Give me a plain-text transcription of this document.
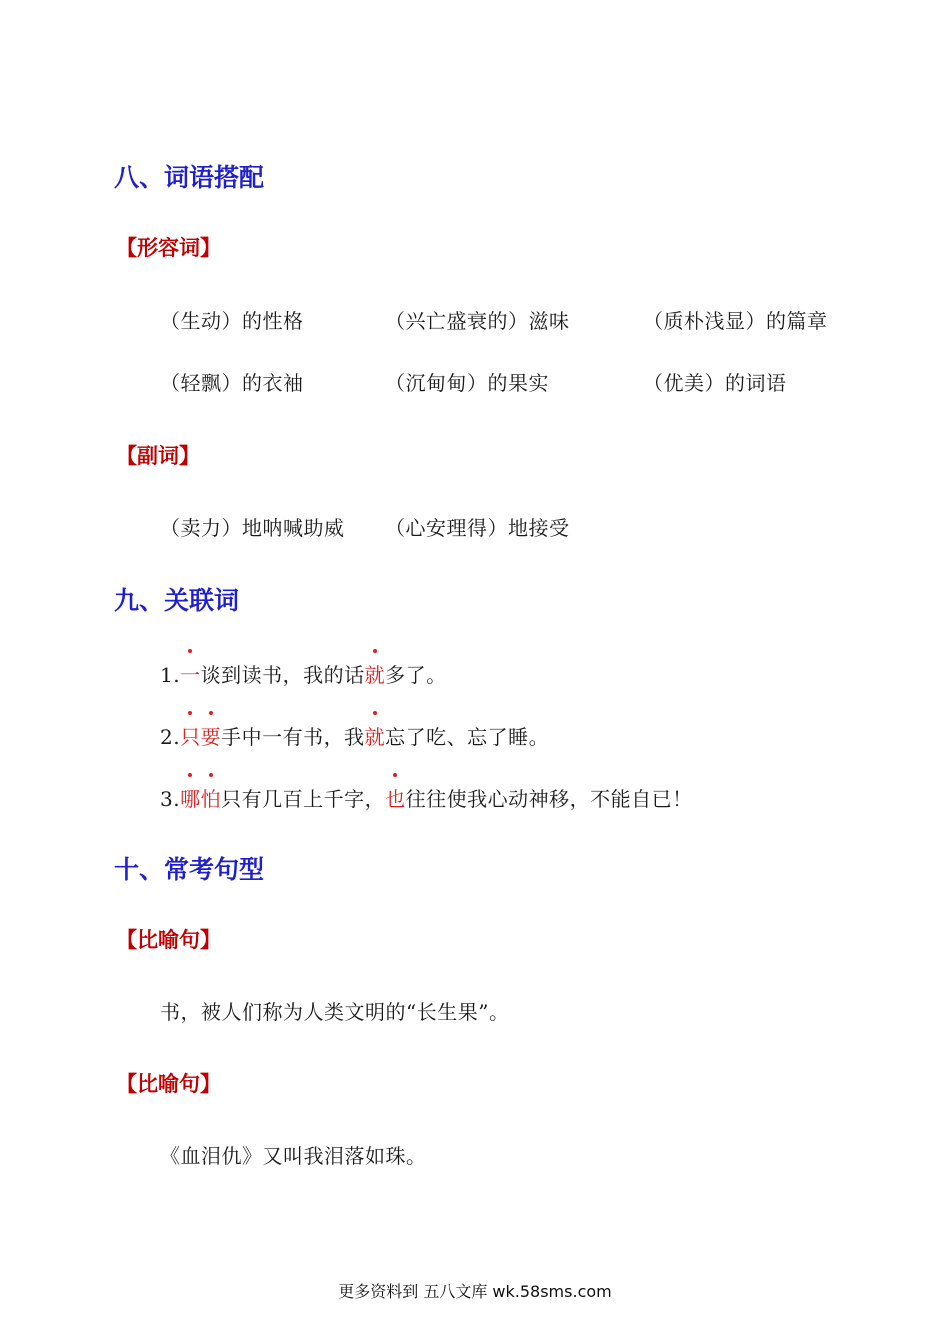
八、词语搭配
【形容词】
（生动）的性格	（兴亡盛衰的）滋味	（质朴浅显）的篇章
（轻飘）的衣袖	（沉甸甸）的果实	（优美）的词语
【副词】
（卖力）地呐喊助威 （心安理得）地接受
九、关联词
1.
一谈到读书，我的话
就多了。
2.
只要手中一有书，我
就忘了吃、忘了睡。
3.
哪怕只有几百上千字，
也往往使我心动神移，不能自已！
十、常考句型
【比喻句】
书，被人们称为人类文明的“长生果”。
【比喻句】
《血泪仇》又叫我泪落如珠。
更多资料到 五八文库 wk.58sms.com
